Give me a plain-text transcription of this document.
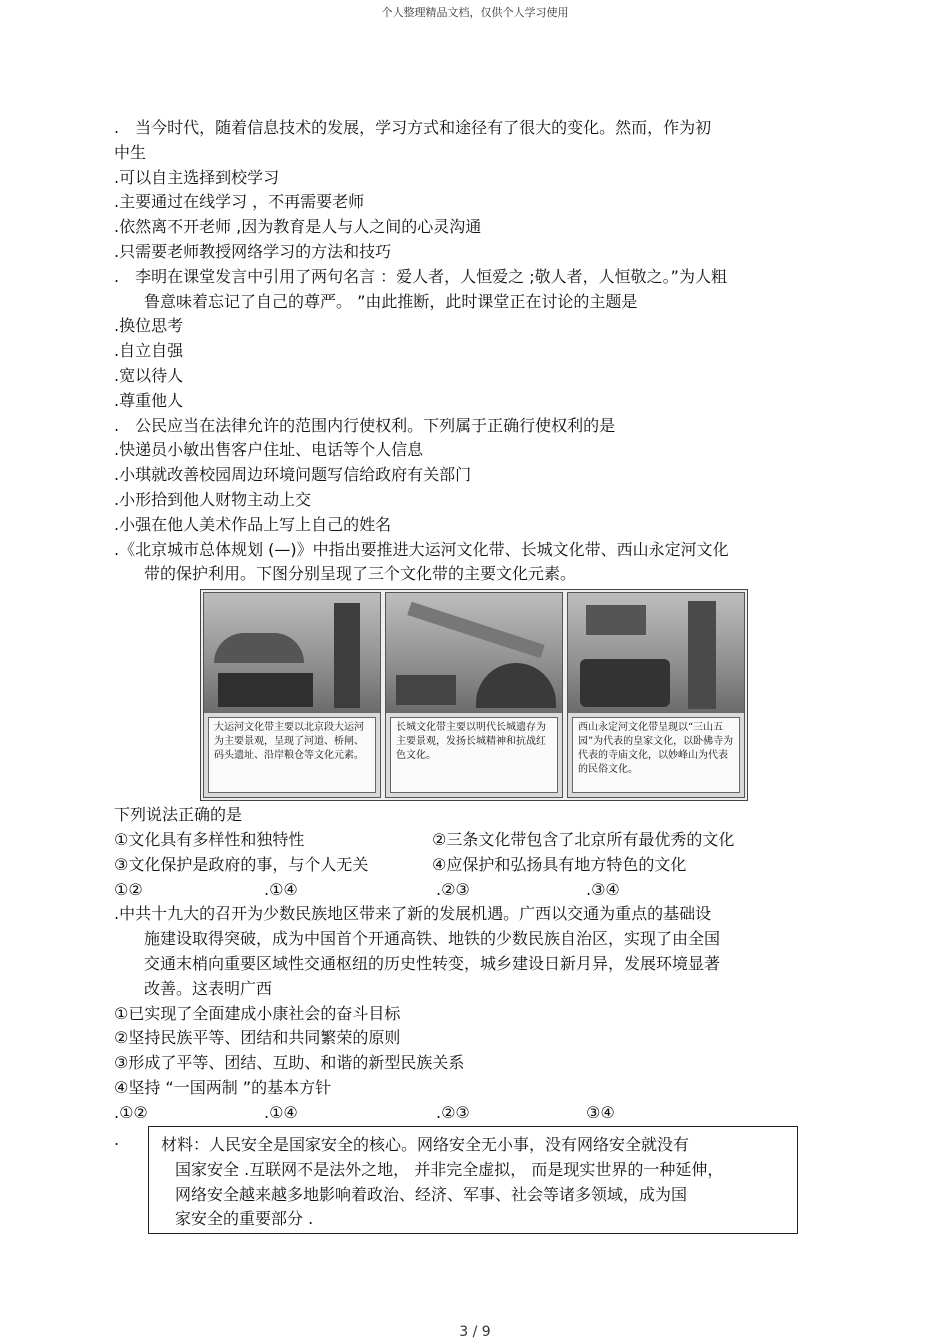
个人整理精品文档，仅供个人学习使用
.　当今时代，随着信息技术的发展，学习方式和途径有了很大的变化。然而，作为初
中生
.可以自主选择到校学习
.主要通过在线学习 ，不再需要老师
.依然离不开老师 ,因为教育是人与人之间的心灵沟通
.只需要老师教授网络学习的方法和技巧
.　李明在课堂发言中引用了两句名言 ：爱人者，人恒爱之 ;敬人者，人恒敬之。”为人粗
鲁意味着忘记了自己的尊严。 ”由此推断，此时课堂正在讨论的主题是
.换位思考
.自立自强
.宽以待人
.尊重他人
.　公民应当在法律允许的范围内行使权利。下列属于正确行使权利的是
.快递员小敏出售客户住址、电话等个人信息
.小琪就改善校园周边环境问题写信给政府有关部门
.小形拾到他人财物主动上交
.小强在他人美术作品上写上自己的姓名
.《北京城市总体规划 (—)》中指出要推进大运河文化带、长城文化带、西山永定河文化
带的保护利用。下图分别呈现了三个文化带的主要文化元素。
大运河文化带主要以北京段大运河为主要景观，呈现了河道、桥闸、码头遗址、沿岸粮仓等文化元素。
长城文化带主要以明代长城遗存为主要景观，发扬长城精神和抗战红色文化。
西山永定河文化带呈现以“三山五园”为代表的皇家文化，以卧佛寺为代表的寺庙文化，以妙峰山为代表的民俗文化。
下列说法正确的是
①文化具有多样性和独特性	②三条文化带包含了北京所有最优秀的文化
③文化保护是政府的事，与个人无关	④应保护和弘扬具有地方特色的文化
①②	.①④	.②③	.③④
.中共十九大的召开为少数民族地区带来了新的发展机遇。广西以交通为重点的基础设
施建设取得突破，成为中国首个开通高铁、地铁的少数民族自治区，实现了由全国
交通末梢向重要区域性交通枢纽的历史性转变，城乡建设日新月异，发展环境显著
改善。这表明广西
①已实现了全面建成小康社会的奋斗目标
②坚持民族平等、团结和共同繁荣的原则
③形成了平等、团结、互助、和谐的新型民族关系
④坚持 “一国两制 ”的基本方针
.①②	.①④	.②③	③④
.	材料：人民安全是国家安全的核心。网络安全无小事，没有网络安全就没有
国家安全 .互联网不是法外之地， 并非完全虚拟， 而是现实世界的一种延伸，
网络安全越来越多地影响着政治、经济、军事、社会等诸多领域，成为国
家安全的重要部分 .
3 / 9
